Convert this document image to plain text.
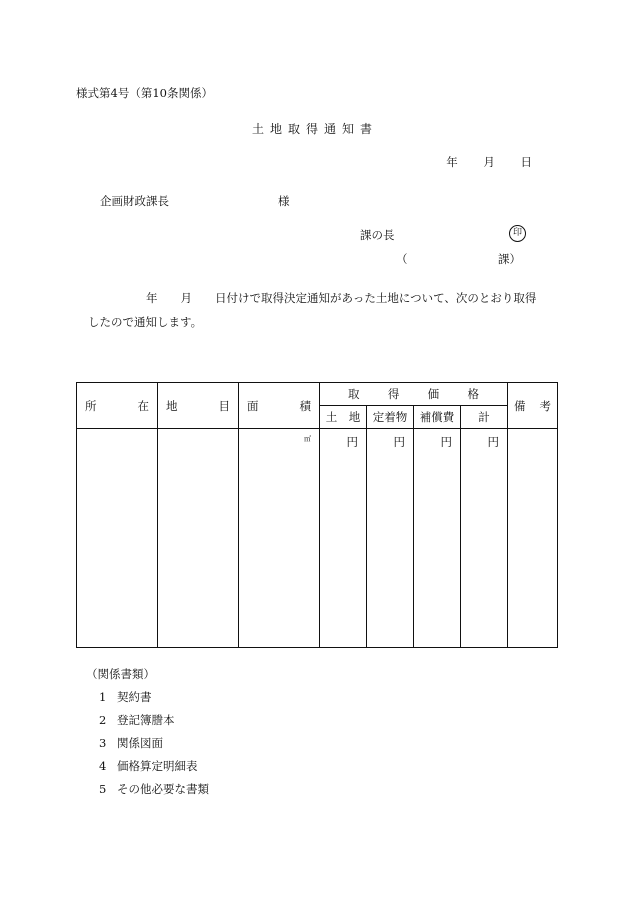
様式第4号（第10条関係）
土地取得通知書
年 月 日
企画財政課長	様
課の長	印
（	課）
年　　月　　日付けで取得決定通知があった土地について、次のとおり取得
したので通知します。
所 在	地 目	面 積	取 得 価 格				備 考

			土　地	定着物	補償費	計	
		㎡	円	円	円	円	
（関係書類）
1 契約書
2 登記簿謄本
3 関係図面
4 価格算定明細表
5 その他必要な書類
